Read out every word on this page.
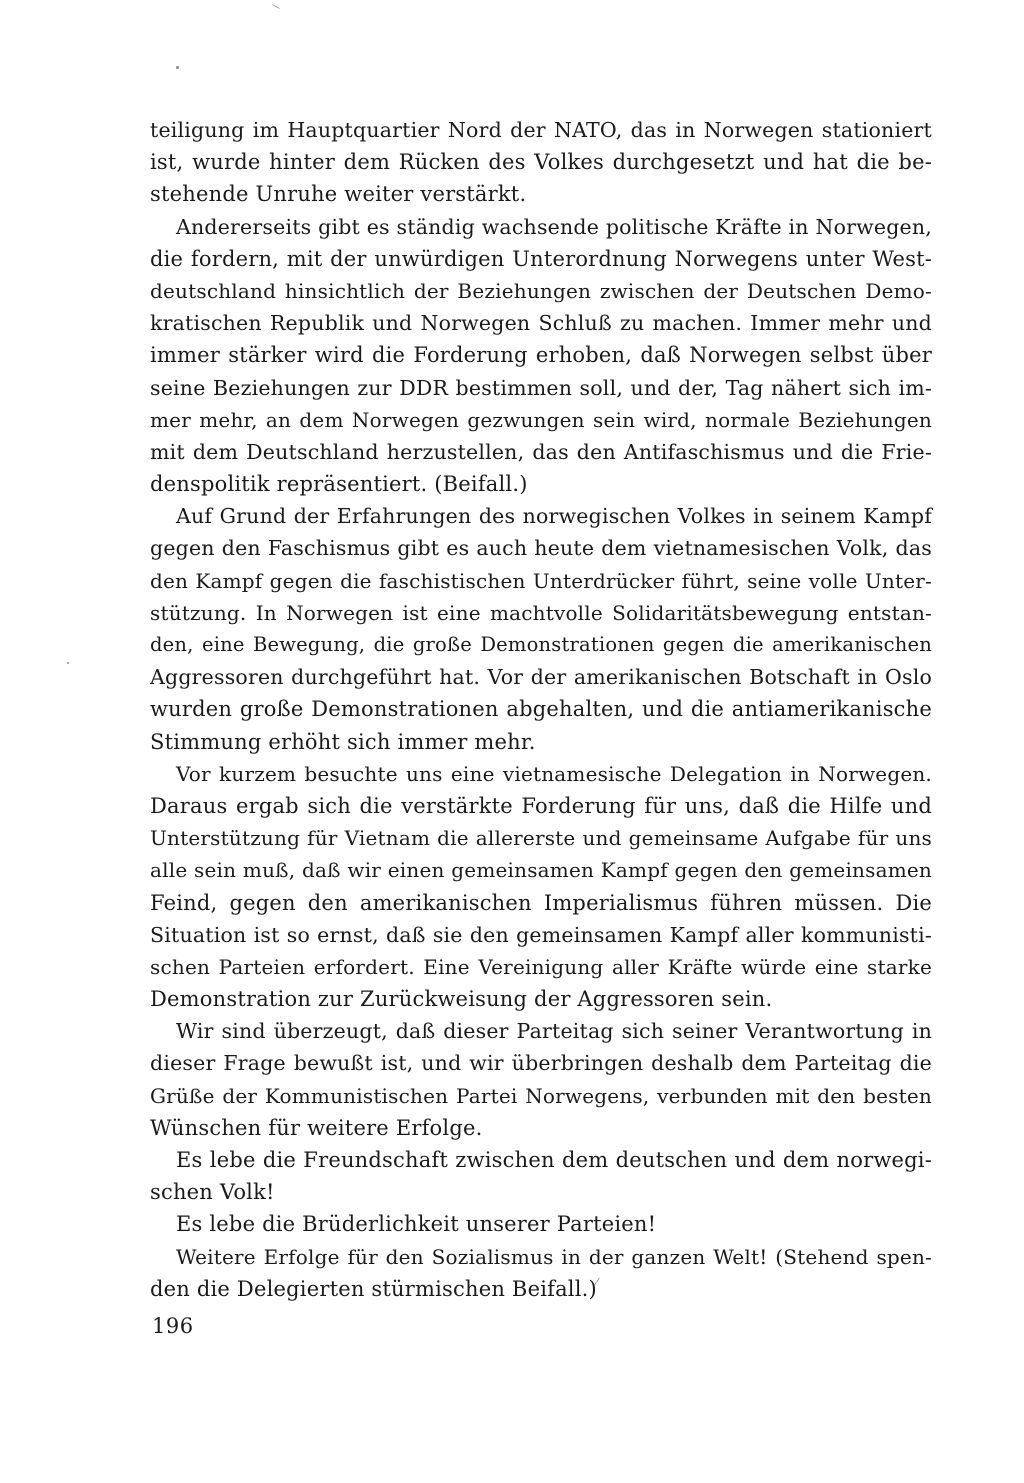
teiligung im Hauptquartier Nord der NATO, das in Norwegen stationiert
ist, wurde hinter dem Rücken des Volkes durchgesetzt und hat die be-
stehende Unruhe weiter verstärkt.
Andererseits gibt es ständig wachsende politische Kräfte in Norwegen,
die fordern, mit der unwürdigen Unterordnung Norwegens unter West-
deutschland hinsichtlich der Beziehungen zwischen der Deutschen Demo-
kratischen Republik und Norwegen Schluß zu machen. Immer mehr und
immer stärker wird die Forderung erhoben, daß Norwegen selbst über
seine Beziehungen zur DDR bestimmen soll, und der, Tag nähert sich im-
mer mehr, an dem Norwegen gezwungen sein wird, normale Beziehungen
mit dem Deutschland herzustellen, das den Antifaschismus und die Frie-
denspolitik repräsentiert. (Beifall.)
Auf Grund der Erfahrungen des norwegischen Volkes in seinem Kampf
gegen den Faschismus gibt es auch heute dem vietnamesischen Volk, das
den Kampf gegen die faschistischen Unterdrücker führt, seine volle Unter-
stützung. In Norwegen ist eine machtvolle Solidaritätsbewegung entstan-
den, eine Bewegung, die große Demonstrationen gegen die amerikanischen
Aggressoren durchgeführt hat. Vor der amerikanischen Botschaft in Oslo
wurden große Demonstrationen abgehalten, und die antiamerikanische
Stimmung erhöht sich immer mehr.
Vor kurzem besuchte uns eine vietnamesische Delegation in Norwegen.
Daraus ergab sich die verstärkte Forderung für uns, daß die Hilfe und
Unterstützung für Vietnam die allererste und gemeinsame Aufgabe für uns
alle sein muß, daß wir einen gemeinsamen Kampf gegen den gemeinsamen
Feind, gegen den amerikanischen Imperialismus führen müssen. Die
Situation ist so ernst, daß sie den gemeinsamen Kampf aller kommunisti-
schen Parteien erfordert. Eine Vereinigung aller Kräfte würde eine starke
Demonstration zur Zurückweisung der Aggressoren sein.
Wir sind überzeugt, daß dieser Parteitag sich seiner Verantwortung in
dieser Frage bewußt ist, und wir überbringen deshalb dem Parteitag die
Grüße der Kommunistischen Partei Norwegens, verbunden mit den besten
Wünschen für weitere Erfolge.
Es lebe die Freundschaft zwischen dem deutschen und dem norwegi-
schen Volk!
Es lebe die Brüderlichkeit unserer Parteien!
Weitere Erfolge für den Sozialismus in der ganzen Welt! (Stehend spen-
den die Delegierten stürmischen Beifall.)
196
